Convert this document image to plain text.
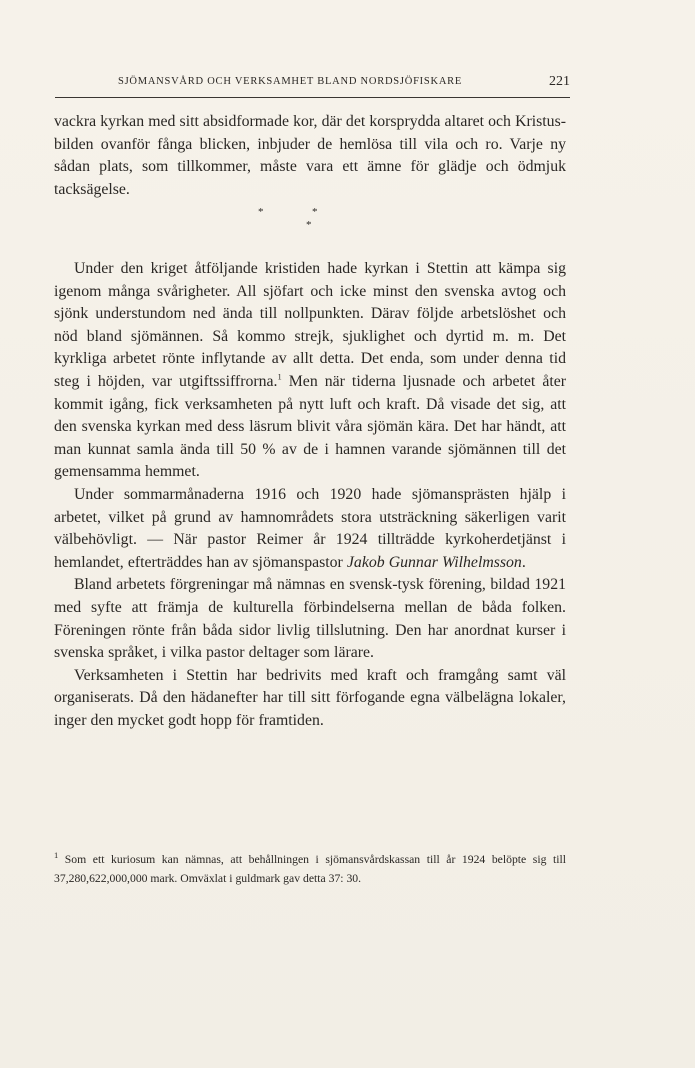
SJÖMANSVÅRD OCH VERKSAMHET BLAND NORDSJÖFISKARE	221

vackra kyrkan med sitt absidformade kor, där det korsprydda altaret och Kristus-bilden ovanför fånga blicken, inbjuder de hemlösa till vila och ro. Varje ny sådan plats, som tillkommer, måste vara ett ämne för glädje och ödmjuk tacksägelse.

*	*
*

Under den kriget åtföljande kristiden hade kyrkan i Stettin att kämpa sig igenom många svårigheter. All sjöfart och icke minst den svenska avtog och sjönk understundom ned ända till nollpunkten. Därav följde arbetslöshet och nöd bland sjömännen. Så kommo strejk, sjuklighet och dyrtid m. m. Det kyrkliga arbetet rönte inflytande av allt detta. Det enda, som under denna tid steg i höjden, var utgiftssiffrorna.$^1$ Men när tiderna ljusnade och arbetet åter kommit igång, fick verksamheten på nytt luft och kraft. Då visade det sig, att den svenska kyrkan med dess läsrum blivit våra sjömän kära. Det har händt, att man kunnat samla ända till 50 % av de i hamnen varande sjömännen till det gemensamma hemmet.

Under sommarmånaderna 1916 och 1920 hade sjömansprästen hjälp i arbetet, vilket på grund av hamnområdets stora utsträckning säkerligen varit välbehövligt. — När pastor Reimer år 1924 tillträdde kyrkoherdetjänst i hemlandet, efterträddes han av sjömanspastor Jakob Gunnar Wilhelmsson.

Bland arbetets förgreningar må nämnas en svensk-tysk förening, bildad 1921 med syfte att främja de kulturella förbindelserna mellan de båda folken. Föreningen rönte från båda sidor livlig tillslutning. Den har anordnat kurser i svenska språket, i vilka pastor deltager som lärare.

Verksamheten i Stettin har bedrivits med kraft och framgång samt väl organiserats. Då den hädanefter har till sitt förfogande egna välbelägna lokaler, inger den mycket godt hopp för framtiden.

$^1$ Som ett kuriosum kan nämnas, att behållningen i sjömansvårdskassan till år 1924 belöpte sig till 37,280,622,000,000 mark. Omväxlat i guldmark gav detta 37: 30.
